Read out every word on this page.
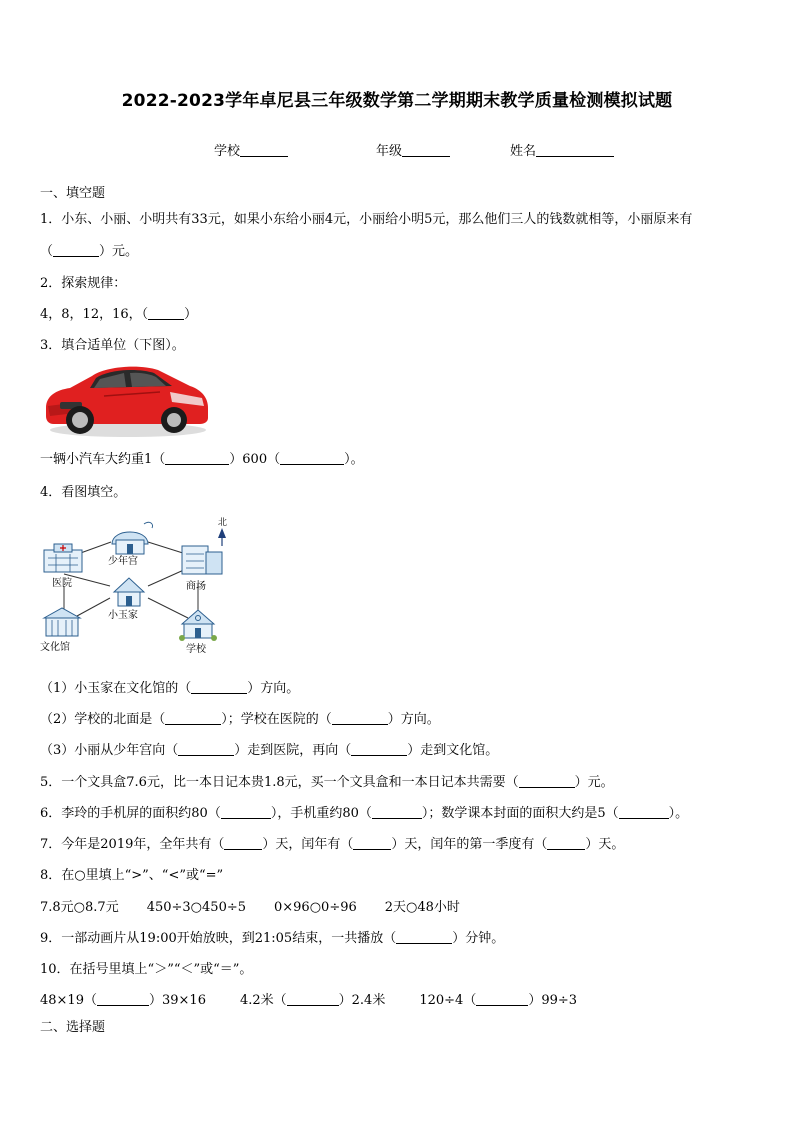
2022-2023学年卓尼县三年级数学第二学期期末教学质量检测模拟试题
学校	年级	姓名
一、填空题
1．小东、小丽、小明共有33元，如果小东给小丽4元，小丽给小明5元，那么他们三人的钱数就相等，小丽原来有
（	）元。
2．探索规律：
4，8，12，16，（	）
3．填合适单位（下图）。
一辆小汽车大约重1（	）600（	）。
4．看图填空。
北
少年宫
医院	商场
小玉家
文化馆	学校
（1）小玉家在文化馆的（	）方向。
（2）学校的北面是（	）；学校在医院的（	）方向。
（3）小丽从少年宫向（	）走到医院，再向（	）走到文化馆。
5．一个文具盒7.6元，比一本日记本贵1.8元，买一个文具盒和一本日记本共需要（	）元。
6．李玲的手机屏的面积约80（	），手机重约80（	）；数学课本封面的面积大约是5（	）。
7．今年是2019年，全年共有（	）天，闰年有（	）天，闰年的第一季度有（	）天。
8．在○里填上“>”、“<”或“=”
7.8元○8.7元 450÷3○450÷5 0×96○0÷96 2天○48小时
9．一部动画片从19:00开始放映，到21:05结束，一共播放（	）分钟。
10．在括号里填上“＞”“＜”或“＝”。
48×19（	）39×16	4.2米（	）2.4米	120÷4（	）99÷3
二、选择题
